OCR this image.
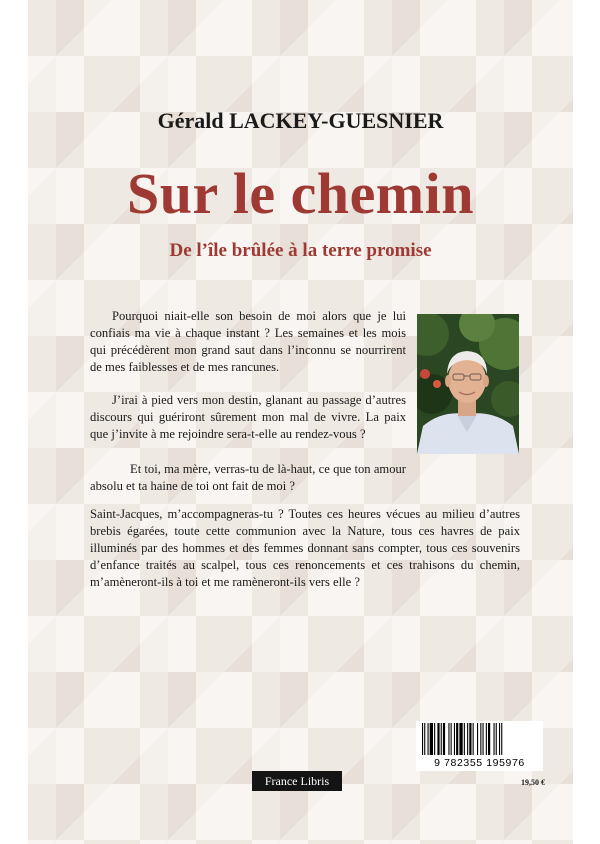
Gérald LACKEY-GUESNIER
Sur le chemin
De l’île brûlée à la terre promise

Pourquoi niait-elle son besoin de moi alors que je lui confiais ma vie à chaque instant ? Les semaines et les mois qui précédèrent mon grand saut dans l’inconnu se nourrirent de mes faiblesses et de mes rancunes.

J’irai à pied vers mon destin, glanant au passage d’autres discours qui guériront sûrement mon mal de vivre. La paix que j’invite à me rejoindre sera-t-elle au rendez-vous ?

Et toi, ma mère, verras-tu de là-haut, ce que ton amour absolu et ta haine de toi ont fait de moi ?

Saint-Jacques, m’accompagneras-tu ? Toutes ces heures vécues au milieu d’autres brebis égarées, toute cette communion avec la Nature, tous ces havres de paix illuminés par des hommes et des femmes donnant sans compter, tous ces souvenirs d’enfance traités au scalpel, tous ces renoncements et ces trahisons du chemin, m’amèneront-ils à toi et me ramèneront-ils vers elle ?

9 782355 195976
19,50 €
France Libris
